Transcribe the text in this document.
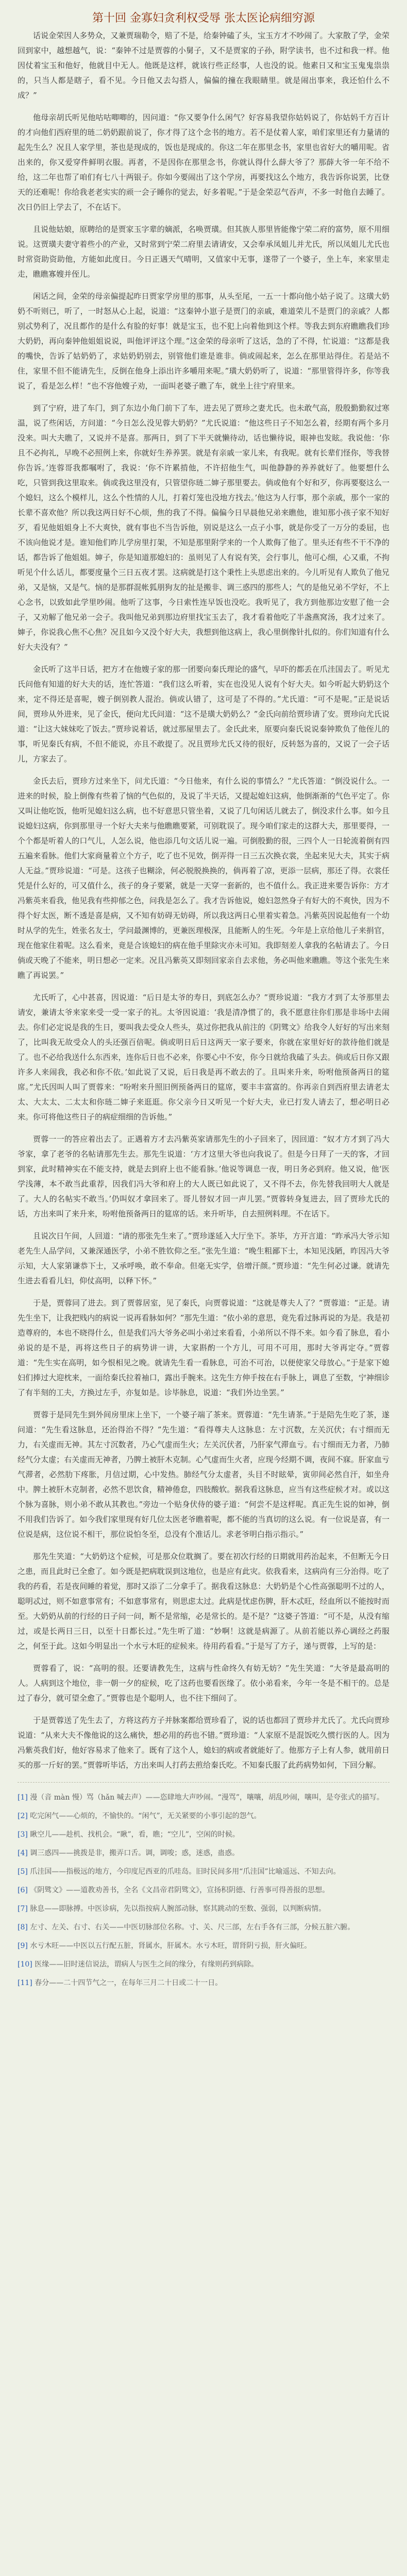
第十回 金寡妇贪利权受辱 张太医论病细穷源

话说金荣因人多势众，又兼贾瑞勒令，赔了不是，给秦钟磕了头，宝玉方才不吵闹了。大家散了学，金荣回到家中，越想越气，说：“秦钟不过是贾蓉的小舅子，又不是贾家的子孙，附学读书，也不过和我一样。他因仗着宝玉和他好，他就目中无人。他既是这样，就该行些正经事，人也没的说。他素日又和宝玉鬼鬼祟祟的，只当人都是瞎子，看不见。今日他又去勾搭人，偏偏的撞在我眼睛里。就是闹出事来，我还怕什么不成？”

他母亲胡氏听见他咕咕唧唧的，因问道：“你又要争什么闲气？好容易我望你姑妈说了，你姑妈千方百计的才向他们西府里的琏二奶奶跟前说了，你才得了这个念书的地方。若不是仗着人家，咱们家里还有力量请的起先生么？况且人家学里，茶也是现成的，饭也是现成的。你这二年在那里念书，家里也省好大的嚼用呢。省出来的，你又爱穿件鲜明衣服。再者，不是因你在那里念书，你就认得什么薛大爷了？那薛大爷一年不给不给，这二年也帮了咱们有七八十两银子。你如今要闹出了这个学房，再要找这么个地方，我告诉你说罢，比登天的还难呢！你给我老老实实的顽一会子睡你的觉去，好多着呢。”于是金荣忍气吞声，不多一时他自去睡了。次日仍旧上学去了，不在话下。

且说他姑娘，原聘给的是贾家玉字辈的嫡派，名唤贾璜。但其族人那里皆能像宁荣二府的富势，原不用细说。这贾璜夫妻守着些小的产业，又时常到宁荣二府里去请请安，又会奉承凤姐儿并尤氏，所以凤姐儿尤氏也时常资助资助他，方能如此度日。今日正遇天气晴明，又值家中无事，遂带了一个婆子，坐上车，来家里走走，瞧瞧寡嫂并侄儿。

闲话之间，金荣的母亲偏提起昨日贾家学房里的那事，从头至尾，一五一十都向他小姑子说了。这璜大奶奶不听则已，听了，一时怒从心上起，说道：“这秦钟小崽子是贾门的亲戚，难道荣儿不是贾门的亲戚？人都别忒势利了，况且都作的是什么有脸的好事！就是宝玉，也不犯上向着他到这个样。等我去到东府瞧瞧我们珍大奶奶，再向秦钟他姐姐说说，叫他评评这个理。”这金荣的母亲听了这话，急的了不得，忙说道：“这都是我的嘴快，告诉了姑奶奶了，求姑奶奶别去，别管他们谁是谁非。倘或闹起来，怎么在那里站得住。若是站不住，家里不但不能请先生，反倒在他身上添出许多嚼用来呢。”璜大奶奶听了，说道：“那里管得许多，你等我说了，看是怎么样！”也不容他嫂子劝，一面叫老婆子瞧了车，就坐上往宁府里来。

到了宁府，进了车门，到了东边小角门前下了车，进去见了贾珍之妻尤氏。也未敢气高，殷殷勤勤叙过寒温，说了些闲话，方问道：“今日怎么没见蓉大奶奶？”尤氏说道：“他这些日子不知怎么着，经期有两个多月没来。叫大夫瞧了，又说并不是喜。那两日，到了下半天就懒待动，话也懒待说，眼神也发眩。我说他：‘你且不必拘礼，早晚不必照例上来，你就好生养养罢。就是有亲戚一家儿来，有我呢。就有长辈们怪你，等我替你告诉。’连蓉哥我都嘱咐了，我说：‘你不许累掯他，不许招他生气，叫他静静的养养就好了。他要想什么吃，只管到我这里取来。倘或我这里没有，只管望你琏二婶子那里要去。倘或他有个好和歹，你再要娶这么一个媳妇，这么个模样儿，这么个性情的人儿，打着灯笼也没地方找去。’他这为人行事，那个亲戚，那个一家的长辈不喜欢他？所以我这两日好不心烦，焦的我了不得。偏偏今日早晨他兄弟来瞧他，谁知那小孩子家不知好歹，看见他姐姐身上不大爽快，就有事也不当告诉他，别说是这么一点子小事，就是你受了一万分的委屈，也不该向他说才是。谁知他们昨儿学房里打架，不知是那里附学来的一个人欺侮了他了。里头还有些不干不净的话，都告诉了他姐姐。婶子，你是知道那媳妇的：虽则见了人有说有笑，会行事儿，他可心细，心又重，不拘听见个什么话儿，都要度量个三日五夜才罢。这病就是打这个秉性上头思虑出来的。今儿听见有人欺负了他兄弟，又是恼，又是气。恼的是那群混帐狐朋狗友的扯是搬非、调三惑四的那些人；气的是他兄弟不学好，不上心念书，以致如此学里吵闹。他听了这事，今日索性连早饭也没吃。我听见了，我方到他那边安慰了他一会子，又劝解了他兄弟一会子。我叫他兄弟到那边府里找宝玉去了，我才看着他吃了半盏燕窝汤，我才过来了。婶子，你说我心焦不心焦？况且如今又没个好大夫，我想到他这病上，我心里倒像针扎似的。你们知道有什么好大夫没有？”

金氏听了这半日话，把方才在他嫂子家的那一团要向秦氏理论的盛气，早吓的都丢在爪洼国去了。听见尤氏问他有知道的好大夫的话，连忙答道：“我们这么听着，实在也没见人说有个好大夫。如今听起大奶奶这个来，定不得还是喜呢，嫂子倒别教人混治。倘或认错了，这可是了不得的。”尤氏道：“可不是呢。”正是说话间，贾珍从外进来，见了金氏，便向尤氏问道：“这不是璜大奶奶么？”金氏向前给贾珍请了安。贾珍向尤氏说道：“让这大妹妹吃了饭去。”贾珍说着话，就过那屋里去了。金氏此来，原要向秦氏说说秦钟欺负了他侄儿的事，听见秦氏有病，不但不能说，亦且不敢提了。况且贾珍尤氏又待的很好，反转怒为喜的，又说了一会子话儿，方家去了。

金氏去后，贾珍方过来坐下，问尤氏道：“今日他来，有什么说的事情么？”尤氏答道：“倒没说什么。一进来的时候，脸上倒像有些着了恼的气色似的，及说了半天话，又提起媳妇这病，他倒渐渐的气色平定了。你又叫让他吃饭，他听见媳妇这么病，也不好意思只管坐着，又说了几句闲话儿就去了，倒没求什么事。如今且说媳妇这病，你到那里寻一个好大夫来与他瞧瞧要紧，可别耽误了。现今咱们家走的这群大夫，那里要得，一个个都是听着人的口气儿，人怎么说，他也添几句文话儿说一遍。可倒殷勤的很，三四个人一日轮流着倒有四五遍来看脉。他们大家商量着立个方子，吃了也不见效，倒弄得一日三五次换衣裳，坐起来见大夫，其实于病人无益。”贾珍说道：“可是。这孩子也糊涂，何必脱脱换换的，倘再着了凉，更添一层病，那还了得。衣裳任凭是什么好的，可又值什么，孩子的身子要紧，就是一天穿一套新的，也不值什么。我正进来要告诉你：方才冯紫英来看我，他见我有些抑郁之色，问我是怎么了。我才告诉他说，媳妇忽然身子有好大的不爽快，因为不得个好太医，断不透是喜是病，又不知有妨碍无妨碍，所以我这两日心里着实着急。冯紫英因说起他有一个幼时从学的先生，姓张名友士，学问最渊博的，更兼医理极深，且能断人的生死。今年是上京给他儿子来捐官，现在他家住着呢。这么看来，竟是合该媳妇的病在他手里除灾亦未可知。我即刻差人拿我的名帖请去了。今日倘或天晚了不能来，明日想必一定来。况且冯紫英又即刻回家亲自去求他，务必叫他来瞧瞧。等这个张先生来瞧了再说罢。”

尤氏听了，心中甚喜，因说道：“后日是太爷的寿日，到底怎么办？”贾珍说道：“我方才到了太爷那里去请安，兼请太爷来家来受一受一家子的礼。太爷因说道：‘我是清净惯了的，我不愿意往你们那是非场中去闹去。你们必定说是我的生日，要叫我去受众人些头，莫过你把我从前注的《阴骘文》给我令人好好的写出来刻了，比叫我无故受众人的头还强百倍呢。倘或明日后日这两天一家子要来，你就在家里好好的款待他们就是了。也不必给我送什么东西来，连你后日也不必来，你要心中不安，你今日就给我磕了头去。倘或后日你又跟许多人来闹我，我必和你不依。’如此说了又说，后日我是再不敢去的了。且叫来升来，吩咐他预备两日的筵席。”尤氏因叫人叫了贾蓉来：“吩咐来升照旧例预备两日的筵席，要丰丰富富的。你再亲自到西府里去请老太太、大太太、二太太和你琏二婶子来逛逛。你父亲今日又听见一个好大夫，业已打发人请去了，想必明日必来。你可将他这些日子的病症细细的告诉他。”

贾蓉一一的答应着出去了。正遇着方才去冯紫英家请那先生的小子回来了，因回道：“奴才方才到了冯大爷家，拿了老爷的名帖请那先生去。那先生说道：‘方才这里大爷也向我说了。但是今日拜了一天的客，才回到家，此时精神实在不能支持，就是去到府上也不能看脉。’他说等调息一夜，明日务必到府。他又说，他‘医学浅薄，本不敢当此重荐，因我们冯大爷和府上的大人既已如此说了，又不得不去，你先替我回明大人就是了。大人的名帖实不敢当。’仍叫奴才拿回来了。哥儿替奴才回一声儿罢。”贾蓉转身复进去，回了贾珍尤氏的话，方出来叫了来升来，吩咐他预备两日的筵席的话。来升听毕，自去照例料理。不在话下。

且说次日午间，人回道：“请的那张先生来了。”贾珍遂延入大厅坐下。茶毕，方开言道：“昨承冯大爷示知老先生人品学问，又兼深通医学，小弟不胜钦仰之至。”张先生道：“晚生粗鄙下士，本知见浅陋，昨因冯大爷示知，大人家第谦恭下士，又承呼唤，敢不奉命。但毫无实学，倍增汗颜。”贾珍道：“先生何必过谦。就请先生进去看看儿妇，仰仗高明，以释下怀。”

于是，贾蓉同了进去。到了贾蓉居室，见了秦氏，向贾蓉说道：“这就是尊夫人了？”贾蓉道：“正是。请先生坐下，让我把贱内的病说一说再看脉如何？”那先生道：“依小弟的意思，竟先看过脉再说的为是。我是初造尊府的，本也不晓得什么，但是我们冯大爷务必叫小弟过来看看，小弟所以不得不来。如今看了脉息，看小弟说的是不是，再将这些日子的病势讲一讲，大家斟酌一个方儿，可用不可用，那时大爷再定夺。”贾蓉道：“先生实在高明，如今恨相见之晚。就请先生看一看脉息，可治不可治，以便使家父母放心。”于是家下媳妇们捧过大迎枕来，一面给秦氏拉着袖口，露出手腕来。这先生方伸手按在右手脉上，调息了至数，宁神细诊了有半刻的工夫，方换过左手，亦复如是。诊毕脉息，说道：“我们外边坐罢。”

贾蓉于是同先生到外间房里床上坐下，一个婆子端了茶来。贾蓉道：“先生请茶。”于是陪先生吃了茶，遂问道：“先生看这脉息，还治得治不得？”先生道：“看得尊夫人这脉息：左寸沉数，左关沉伏；右寸细而无力，右关虚而无神。其左寸沉数者，乃心气虚而生火；左关沉伏者，乃肝家气滞血亏。右寸细而无力者，乃肺经气分太虚；右关虚而无神者，乃脾土被肝木克制。心气虚而生火者，应现今经期不调，夜间不寐。肝家血亏气滞者，必然肋下疼胀，月信过期，心中发热。肺经气分太虚者，头目不时眩晕，寅卯间必然自汗，如坐舟中。脾土被肝木克制者，必然不思饮食，精神倦怠，四肢酸软。据我看这脉息，应当有这些症候才对。或以这个脉为喜脉，则小弟不敢从其教也。”旁边一个贴身伏侍的婆子道：“何尝不是这样呢。真正先生说的如神，倒不用我们告诉了。如今我们家里现有好几位太医老爷瞧着呢，都不能的当真切的这么说。有一位说是喜，有一位说是病，这位说不相干，那位说怕冬至，总没有个准话儿。求老爷明白指示指示。”

那先生笑道：“大奶奶这个症候，可是那众位耽搁了。要在初次行经的日期就用药治起来，不但断无今日之患，而且此时已全愈了。如今既是把病耽误到这地位，也是应有此灾。依我看来，这病尚有三分治得。吃了我的药看，若是夜间睡的着觉，那时又添了二分拿手了。据我看这脉息：大奶奶是个心性高强聪明不过的人，聪明忒过，则不如意事常有；不如意事常有，则思虑太过。此病是忧虑伤脾，肝木忒旺，经血所以不能按时而至。大奶奶从前的行经的日子问一问，断不是常缩，必是常长的。是不是？”这婆子答道：“可不是，从没有缩过，或是长两日三日，以至十日都长过。”先生听了道：“妙啊！这就是病源了。从前若能以养心调经之药服之，何至于此。这如今明显出一个水亏木旺的症候来。待用药看看。”于是写了方子，递与贾蓉，上写的是：

贾蓉看了，说：“高明的很。还要请教先生，这病与性命终久有妨无妨？”先生笑道：“大爷是最高明的人。人病到这个地位，非一朝一夕的症候，吃了这药也要看医缘了。依小弟看来，今年一冬是不相干的。总是过了春分，就可望全愈了。”贾蓉也是个聪明人，也不往下细问了。

于是贾蓉送了先生去了，方将这药方子并脉案都给贾珍看了，说的话也都回了贾珍并尤氏了。尤氏向贾珍说道：“从来大夫不像他说的这么痛快，想必用的药也不错。”贾珍道：“人家原不是混饭吃久惯行医的人。因为冯紫英我们好，他好容易求了他来了。既有了这个人，媳妇的病或者就能好了。他那方子上有人参，就用前日买的那一斤好的罢。”贾蓉听毕话，方出来叫人打药去煎给秦氏吃。不知秦氏服了此药病势如何，下回分解。

[1] 漫（音 màn 慢）骂（hǎn 喊去声）——恣肆地大声吵闹。“漫骂”，嚷嚷，胡乱吵闹，嚷叫，是夸张式的描写。
[2] 吃完闲气——心烦的，不愉快的。“闲气”，无关紧要的小事引起的怨气。
[3] 瞅空儿——趁机、找机会。“瞅”，看，瞧；“空儿”，空闲的时候。
[4] 调三惑四——挑拨是非，搬弄口舌。调，调唆；惑，迷惑，蛊惑。
[5] 爪洼国——指极远的地方，今印度尼西亚的爪哇岛。旧时民间多用“爪洼国”比喻遥远、不知去向。
[6] 《阴骘文》——道教劝善书，全名《文昌帝君阴骘文》，宣扬积阴德、行善事可得善报的思想。
[7] 脉息——即脉搏。中医诊病，先以指按病人腕部动脉，察其跳动的至数、强弱，以判断病情。
[8] 左寸、左关、右寸、右关——中医切脉部位名称。寸、关、尺三部，左右手各有三部，分候五脏六腑。
[9] 水亏木旺——中医以五行配五脏，肾属水，肝属木。水亏木旺，谓肾阴亏损，肝火偏旺。
[10] 医缘——旧时迷信说法，谓病人与医生之间的缘分，有缘则药到病除。
[11] 春分——二十四节气之一，在每年三月二十日或二十一日。
